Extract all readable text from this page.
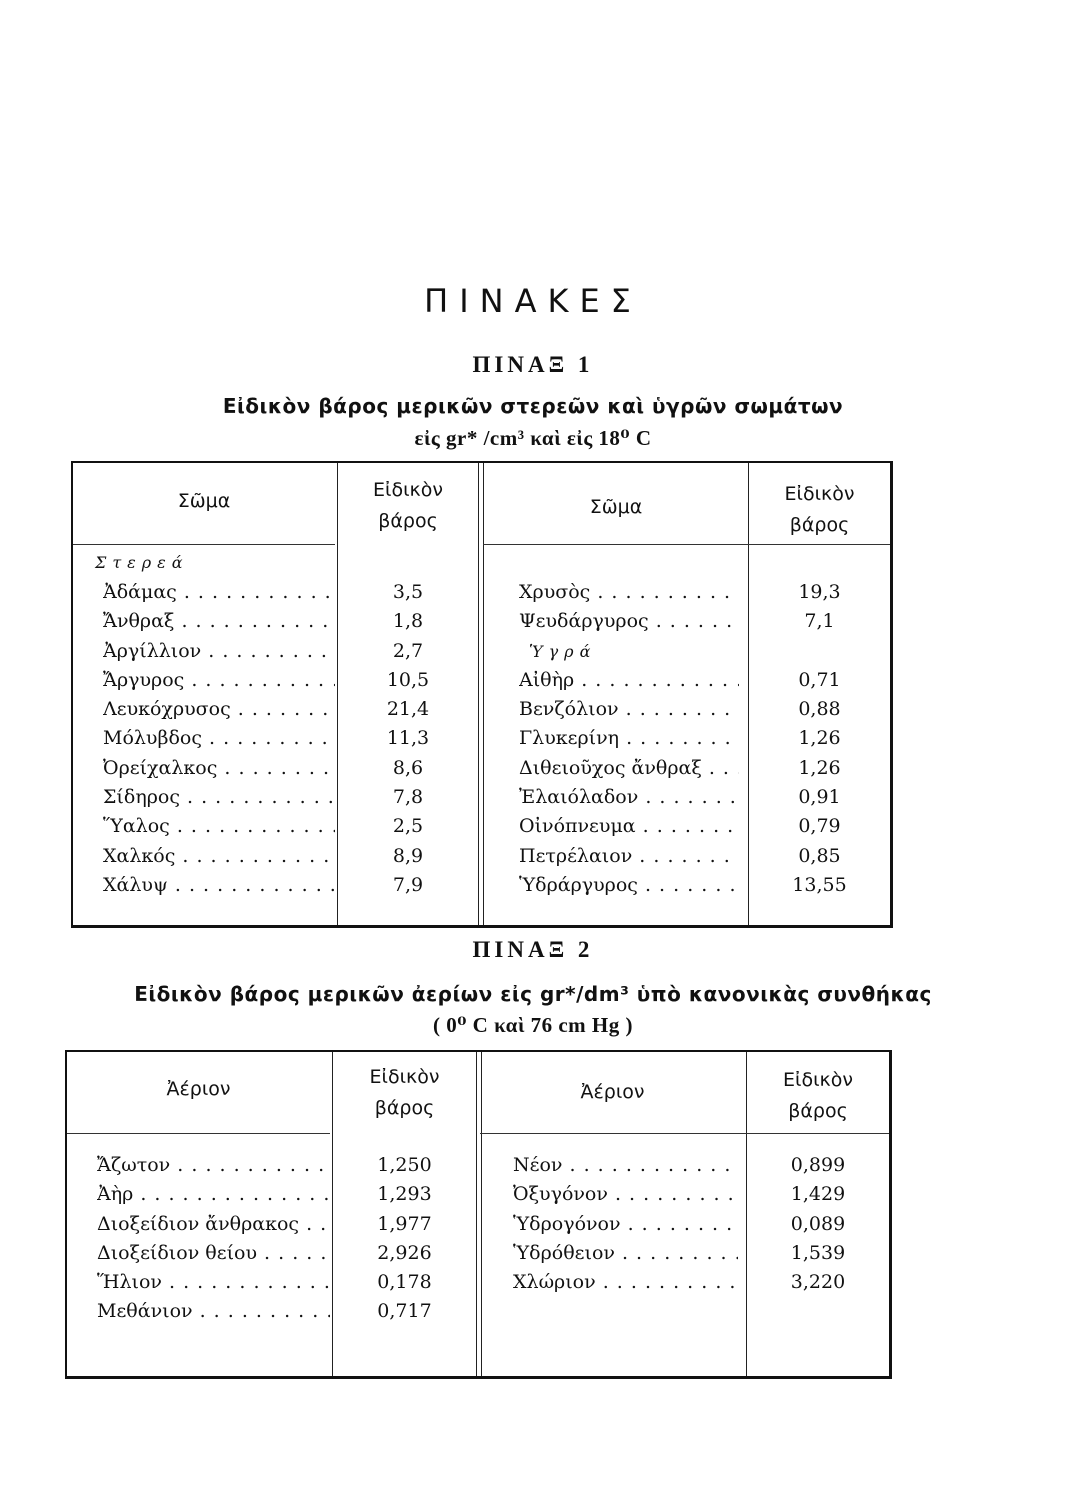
ΠΙΝΑΚΕΣ
ΠΙΝΑΞ 1
Εἰδικὸν βάρος μερικῶν στερεῶν καὶ ὑγρῶν σωμάτων
εἰς gr* /cm³ καὶ εἰς 18⁰ C
Σῶμα	Εἰδικὸν
βάρος
Σῶμα
Εἰδικὸν
βάρος
Στερεά
Ἀδάμας . . .
Ἄνθραξ . . .
Ἀργίλλιον . . .
Ἄργυρος . . .
Λευκόχρυσος . . .
Μόλυβδος . . .
Ὀρείχαλκος . . .
Σίδηρος . . .
Ὕαλος . . .
Χαλκός . . .
Χάλυψ . . .
3,5
1,8
2,7
10,5
21,4
11,3
8,6
7,8
2,5
8,9
7,9
Χρυσὸς . . .
Ψευδάργυρος . . .
Ὑγρά
Αἰθὴρ . . .
Βενζόλιον . . .
Γλυκερίνη . . .
Διθειοῦχος ἄνθραξ . . .
Ἐλαιόλαδον . . .
Οἰνόπνευμα . . .
Πετρέλαιον . . .
Ὑδράργυρος . . .
19,3
7,1

0,71
0,88
1,26
1,26
0,91
0,79
0,85
13,55
ΠΙΝΑΞ 2
Εἰδικὸν βάρος μερικῶν ἀερίων εἰς gr*/dm³ ὑπὸ κανονικὰς συνθήκας
( 0⁰ C καὶ 76 cm Hg )
Ἀέριον
Εἰδικὸν
βάρος
Ἀέριον
Εἰδικὸν
βάρος
Ἄζωτον . . .
Ἀὴρ . . .
Διοξείδιον ἄνθρακος . . .
Διοξείδιον θείου . . .
Ἥλιον . . .
Μεθάνιον . . .
1,250
1,293
1,977
2,926
0,178
0,717
Νέον . . .
Ὀξυγόνον . . .
Ὑδρογόνον . . .
Ὑδρόθειον . . .
Χλώριον . . .
0,899
1,429
0,089
1,539
3,220
